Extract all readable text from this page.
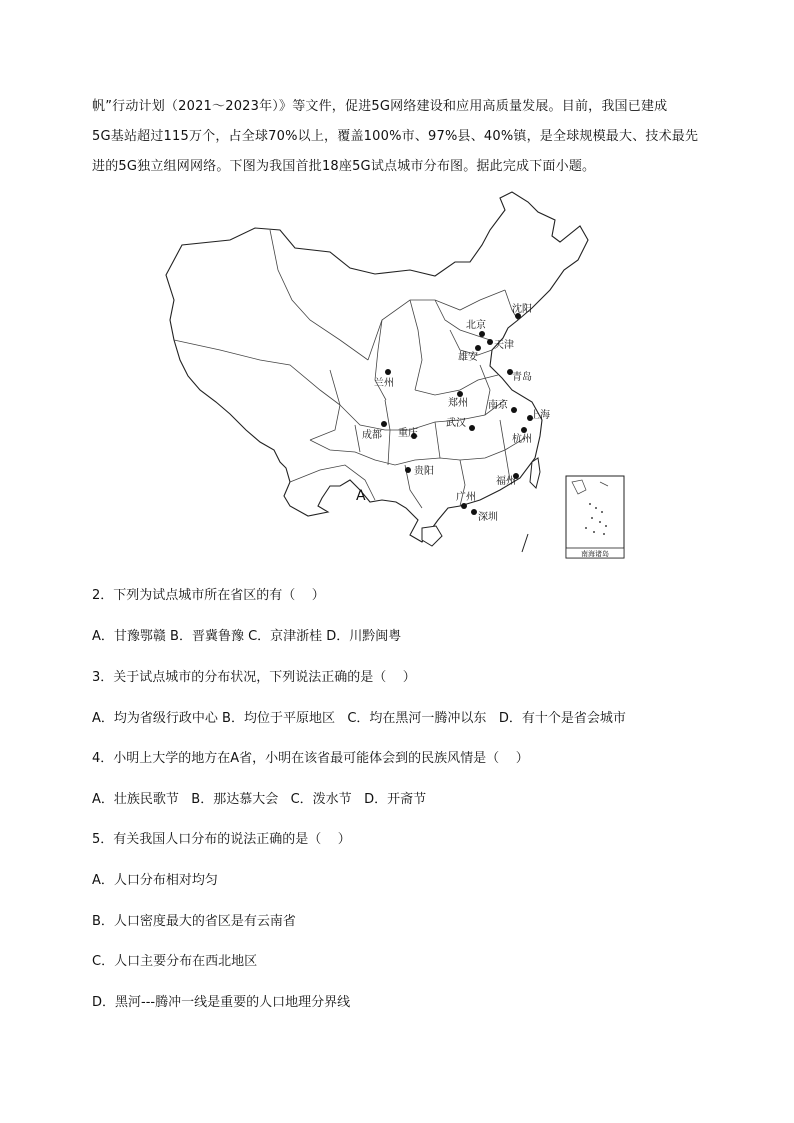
帆”行动计划（2021～2023年）》等文件，促进5G网络建设和应用高质量发展。目前，我国已建成

5G基站超过115万个，占全球70%以上，覆盖100%市、97%县、40%镇，是全球规模最大、技术最先

进的5G独立组网网络。下图为我国首批18座5G试点城市分布图。据此完成下面小题。

南海诸岛
A
沈阳
北京
天津
雄安
青岛
兰州
郑州 南京
上海
武汉
杭州
成都 重庆
贵阳
福州
广州
深圳
2．下列为试点城市所在省区的有（    ）
A．甘豫鄂赣 B．晋冀鲁豫 C．京津浙桂 D．川黔闽粤
3．关于试点城市的分布状况，下列说法正确的是（    ）
A．均为省级行政中心 B．均位于平原地区   C．均在黑河一腾冲以东   D．有十个是省会城市
4．小明上大学的地方在A省，小明在该省最可能体会到的民族风情是（    ）
A．壮族民歌节   B．那达慕大会   C．泼水节   D．开斋节
5．有关我国人口分布的说法正确的是（    ）
A．人口分布相对均匀
B．人口密度最大的省区是有云南省
C．人口主要分布在西北地区
D．黑河---腾冲一线是重要的人口地理分界线
